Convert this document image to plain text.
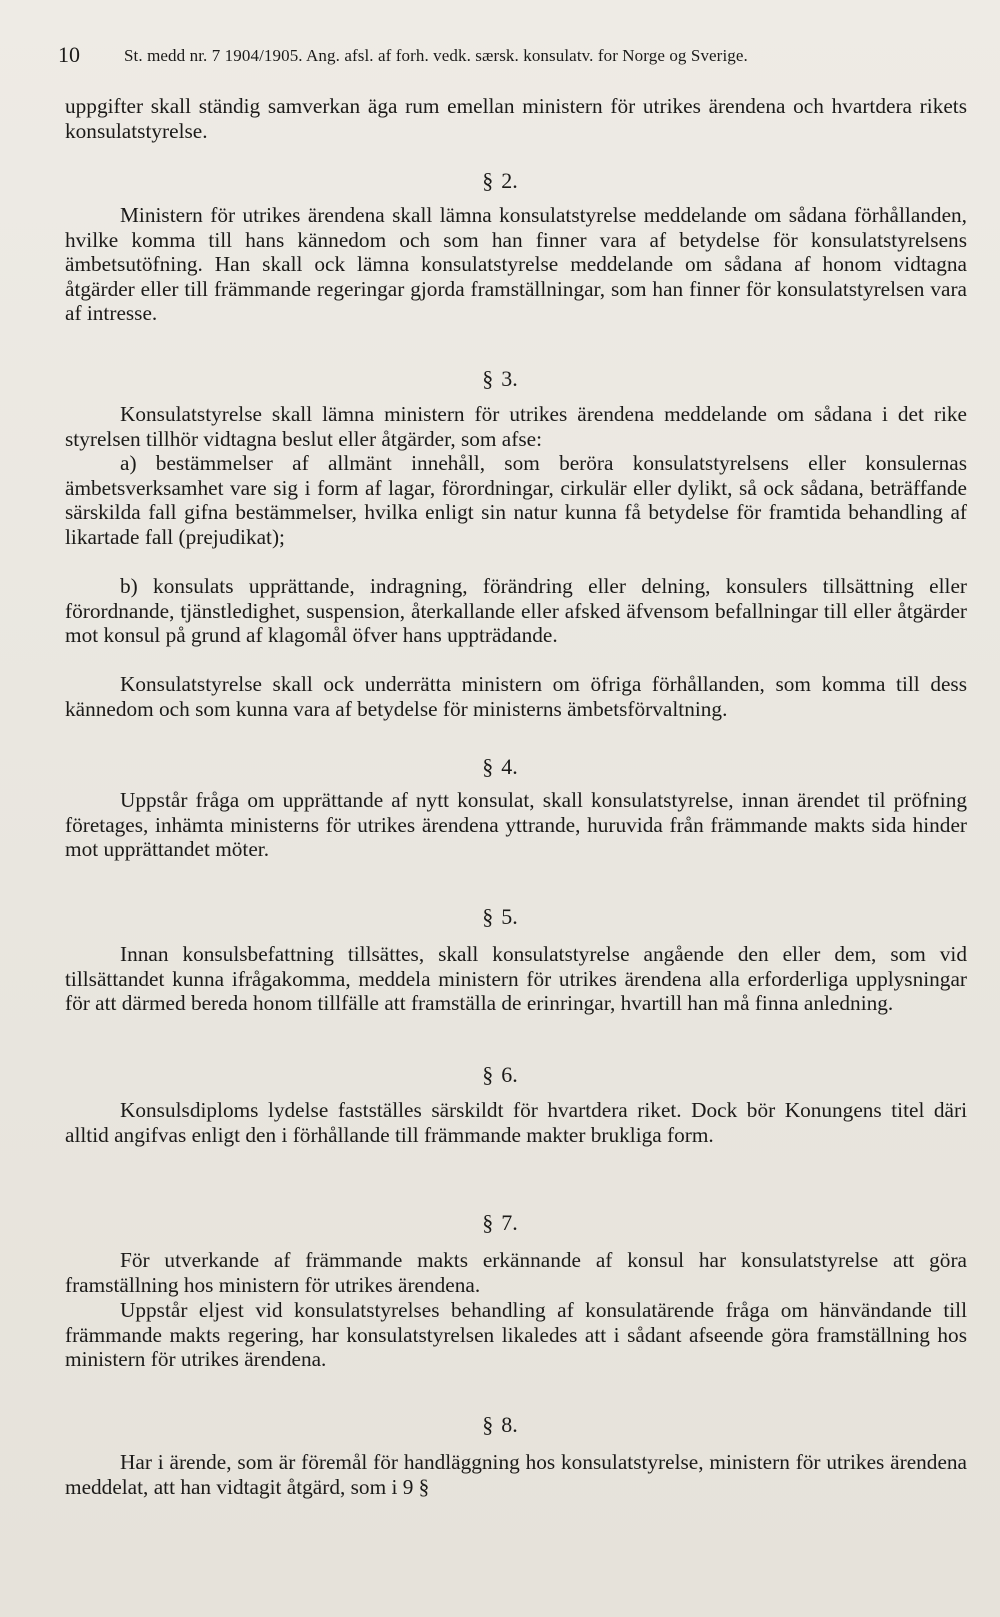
10	St. medd nr. 7 1904/1905. Ang. afsl. af forh. vedk. særsk. konsulatv. for Norge og Sverige.
uppgifter skall ständig samverkan äga rum emellan ministern för utrikes ärendena och hvartdera rikets konsulatstyrelse.
§ 2.
Ministern för utrikes ärendena skall lämna konsulatstyrelse meddelande om sådana förhållanden, hvilke komma till hans kännedom och som han finner vara af betydelse för konsulatstyrelsens ämbetsutöfning. Han skall ock lämna konsulatstyrelse meddelande om sådana af honom vidtagna åtgärder eller till främmande regeringar gjorda framställningar, som han finner för konsulatstyrelsen vara af intresse.
§ 3.
Konsulatstyrelse skall lämna ministern för utrikes ärendena meddelande om sådana i det rike styrelsen tillhör vidtagna beslut eller åtgärder, som afse:
a) bestämmelser af allmänt innehåll, som beröra konsulatstyrelsens eller konsulernas ämbetsverksamhet vare sig i form af lagar, förordningar, cirkulär eller dylikt, så ock sådana, beträffande särskilda fall gifna bestämmelser, hvilka enligt sin natur kunna få betydelse för framtida behandling af likartade fall (prejudikat);
b) konsulats upprättande, indragning, förändring eller delning, konsulers tillsättning eller förordnande, tjänstledighet, suspension, återkallande eller afsked äfvensom befallningar till eller åtgärder mot konsul på grund af klagomål öfver hans uppträdande.
Konsulatstyrelse skall ock underrätta ministern om öfriga förhållanden, som komma till dess kännedom och som kunna vara af betydelse för ministerns ämbetsförvaltning.
§ 4.
Uppstår fråga om upprättande af nytt konsulat, skall konsulatstyrelse, innan ärendet til pröfning företages, inhämta ministerns för utrikes ärendena yttrande, huruvida från främmande makts sida hinder mot upprättandet möter.
§ 5.
Innan konsulsbefattning tillsättes, skall konsulatstyrelse angående den eller dem, som vid tillsättandet kunna ifrågakomma, meddela ministern för utrikes ärendena alla erforderliga upplysningar för att därmed bereda honom tillfälle att framställa de erinringar, hvartill han må finna anledning.
§ 6.
Konsulsdiploms lydelse fastställes särskildt för hvartdera riket. Dock bör Konungens titel däri alltid angifvas enligt den i förhållande till främmande makter brukliga form.
§ 7.
För utverkande af främmande makts erkännande af konsul har konsulatstyrelse att göra framställning hos ministern för utrikes ärendena.
Uppstår eljest vid konsulatstyrelses behandling af konsulatärende fråga om hänvändande till främmande makts regering, har konsulatstyrelsen likaledes att i sådant afseende göra framställning hos ministern för utrikes ärendena.
§ 8.
Har i ärende, som är föremål för handläggning hos konsulatstyrelse, ministern för utrikes ärendena meddelat, att han vidtagit åtgärd, som i 9 §
